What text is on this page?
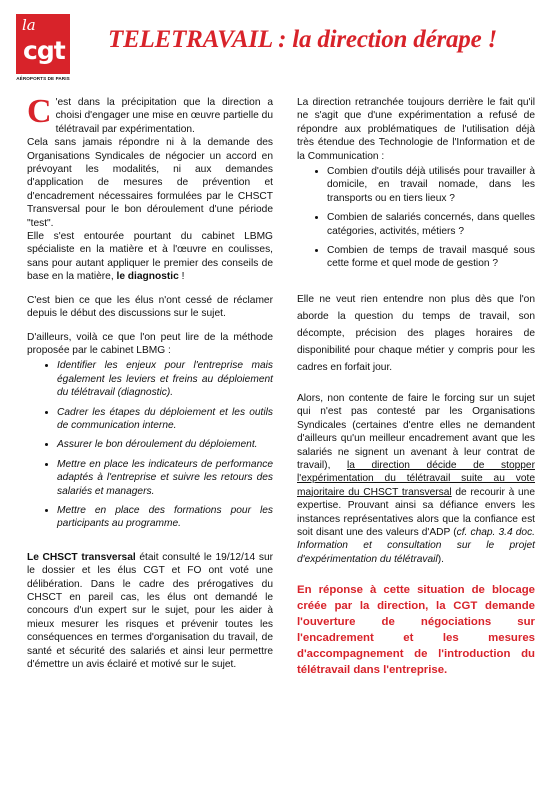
la
cgt
AÉROPORTS DE PARIS
TELETRAVAIL : la direction dérape !

C 'est dans la précipitation que la direction a choisi d'engager une mise en œuvre partielle du télétravail par expérimentation.

Cela sans jamais répondre ni à la demande des Organisations Syndicales de négocier un accord en prévoyant les modalités, ni aux demandes d'application de mesures de prévention et d'encadrement nécessaires formulées par le CHSCT Transversal pour le bon déroulement d'une période "test".

Elle s'est entourée pourtant du cabinet LBMG spécialiste en la matière et à l'œuvre en coulisses, sans pour autant appliquer le premier des conseils de base en la matière, le diagnostic !

C'est bien ce que les élus n'ont cessé de réclamer depuis le début des discussions sur le sujet.

D'ailleurs, voilà ce que l'on peut lire de la méthode proposée par le cabinet LBMG :

• Identifier les enjeux pour l'entreprise mais également les leviers et freins au déploiement du télétravail (diagnostic).
• Cadrer les étapes du déploiement et les outils de communication interne.
• Assurer le bon déroulement du déploiement.
• Mettre en place les indicateurs de performance adaptés à l'entreprise et suivre les retours des salariés et managers.
• Mettre en place des formations pour les participants au programme.

Le CHSCT transversal était consulté le 19/12/14 sur le dossier et les élus CGT et FO ont voté une délibération. Dans le cadre des prérogatives du CHSCT en pareil cas, les élus ont demandé le concours d'un expert sur le sujet, pour les aider à mieux mesurer les risques et prévenir toutes les conséquences en termes d'organisation du travail, de santé et sécurité des salariés et ainsi leur permettre d'émettre un avis éclairé et motivé sur le sujet.

La direction retranchée toujours derrière le fait qu'il ne s'agit que d'une expérimentation a refusé de répondre aux problématiques de l'utilisation déjà très étendue des Technologie de l'Information et de la Communication :

• Combien d'outils déjà utilisés pour travailler à domicile, en travail nomade, dans les transports ou en tiers lieux ?
• Combien de salariés concernés, dans quelles catégories, activités, métiers ?
• Combien de temps de travail masqué sous cette forme et quel mode de gestion ?

Elle ne veut rien entendre non plus dès que l'on aborde la question du temps de travail, son décompte, précision des plages horaires de disponibilité pour chaque métier y compris pour les cadres en forfait jour.

Alors, non contente de faire le forcing sur un sujet qui n'est pas contesté par les Organisations Syndicales (certaines d'entre elles ne demandent d'ailleurs qu'un meilleur encadrement avant que les salariés ne signent un avenant à leur contrat de travail), la direction décide de stopper l'expérimentation du télétravail suite au vote majoritaire du CHSCT transversal de recourir à une expertise. Prouvant ainsi sa défiance envers les instances représentatives alors que la confiance est soit disant une des valeurs d'ADP (cf. chap. 3.4 doc. Information et consultation sur le projet d'expérimentation du télétravail).

En réponse à cette situation de blocage créée par la direction, la CGT demande l'ouverture de négociations sur l'encadrement et les mesures d'accompagnement de l'introduction du télétravail dans l'entreprise.
